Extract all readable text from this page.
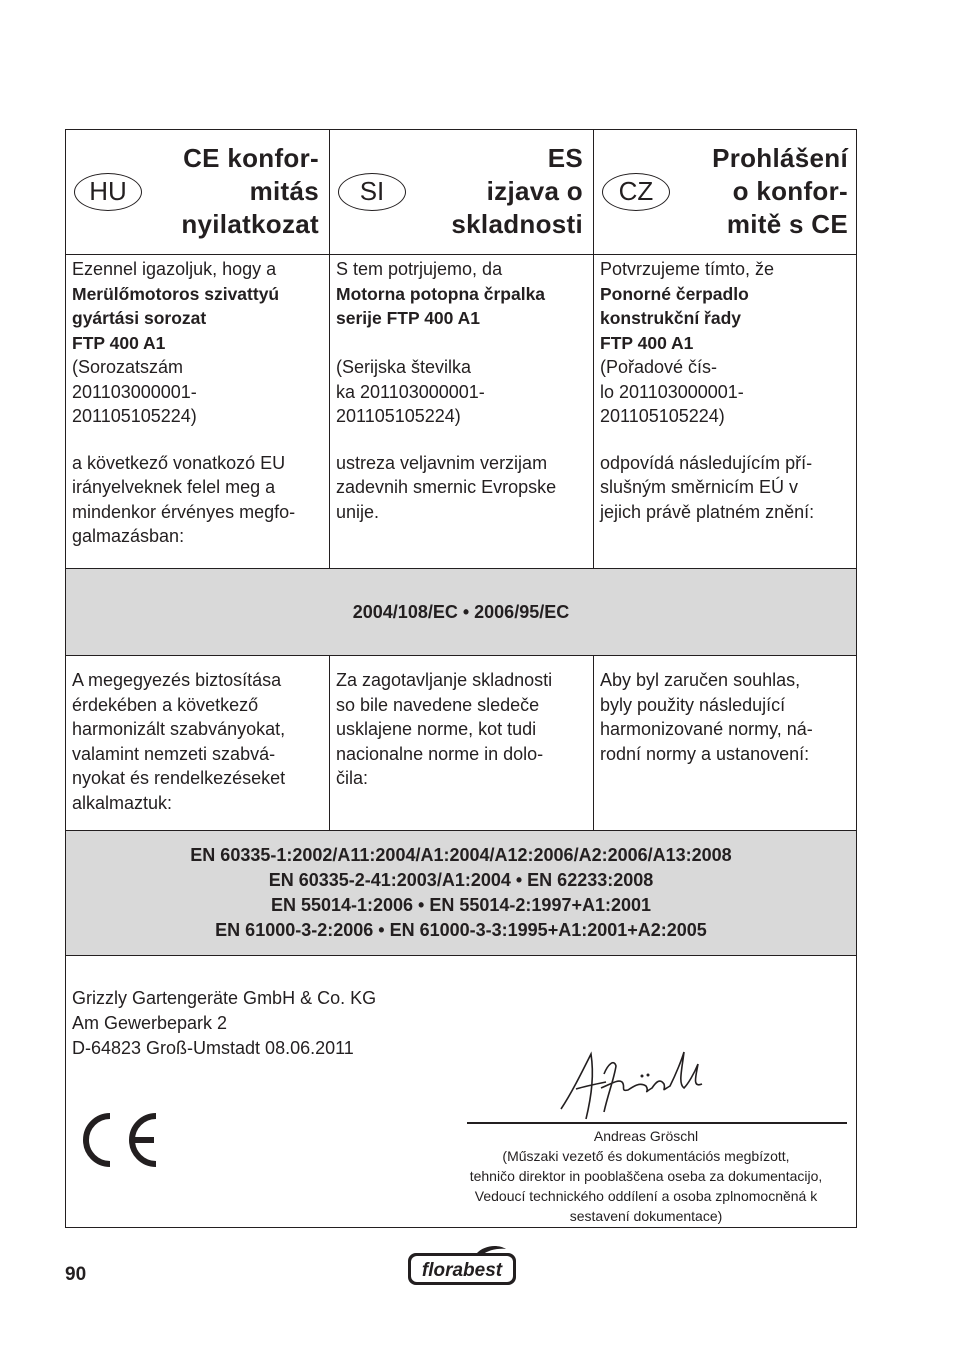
HU
CE konfor-
mitás
nyilatkozat
SI
ES
izjava o
skladnosti
CZ
Prohlášení
o konfor-
mitě s CE
Ezennel igazoljuk, hogy a
Merülőmotoros szivattyú
gyártási sorozat
FTP 400 A1
(Sorozatszám
201103000001-
201105105224)
a következő vonatkozó EU
irányelveknek felel meg a
mindenkor érvényes megfo-
galmazásban:
S tem potrjujemo, da
Motorna potopna črpalka
serije FTP 400 A1
(Serijska številka
ka 201103000001-
201105105224)
ustreza veljavnim verzijam
zadevnih smernic Evropske
unije.
Potvrzujeme tímto, že
Ponorné čerpadlo
konstrukční řady
FTP 400 A1
(Pořadové čís-
lo 201103000001-
201105105224)
odpovídá následujícím pří-
slušným směrnicím EÚ v
jejich právě platném znění:
2004/108/EC • 2006/95/EC
A megegyezés biztosítása
érdekében a következő
harmonizált szabványokat,
valamint nemzeti szabvá-
nyokat és rendelkezéseket
alkalmaztuk:
Za zagotavljanje skladnosti
so bile navedene sledeče
usklajene norme, kot tudi
nacionalne norme in dolo-
čila:
Aby byl zaručen souhlas,
byly použity následující
harmonizované normy, ná-
rodní normy a ustanovení:
EN 60335-1:2002/A11:2004/A1:2004/A12:2006/A2:2006/A13:2008
EN 60335-2-41:2003/A1:2004 • EN 62233:2008
EN 55014-1:2006 • EN 55014-2:1997+A1:2001
EN 61000-3-2:2006 • EN 61000-3-3:1995+A1:2001+A2:2005
Grizzly Gartengeräte GmbH & Co. KG
Am Gewerbepark 2
D-64823 Groß-Umstadt 08.06.2011
Andreas Gröschl
(Műszaki vezető és dokumentációs megbízott,
tehničo direktor in pooblaščena oseba za dokumentacijo,
Vedoucí technického oddílení a osoba zplnomocněná k
sestavení dokumentace)
90	florabest
